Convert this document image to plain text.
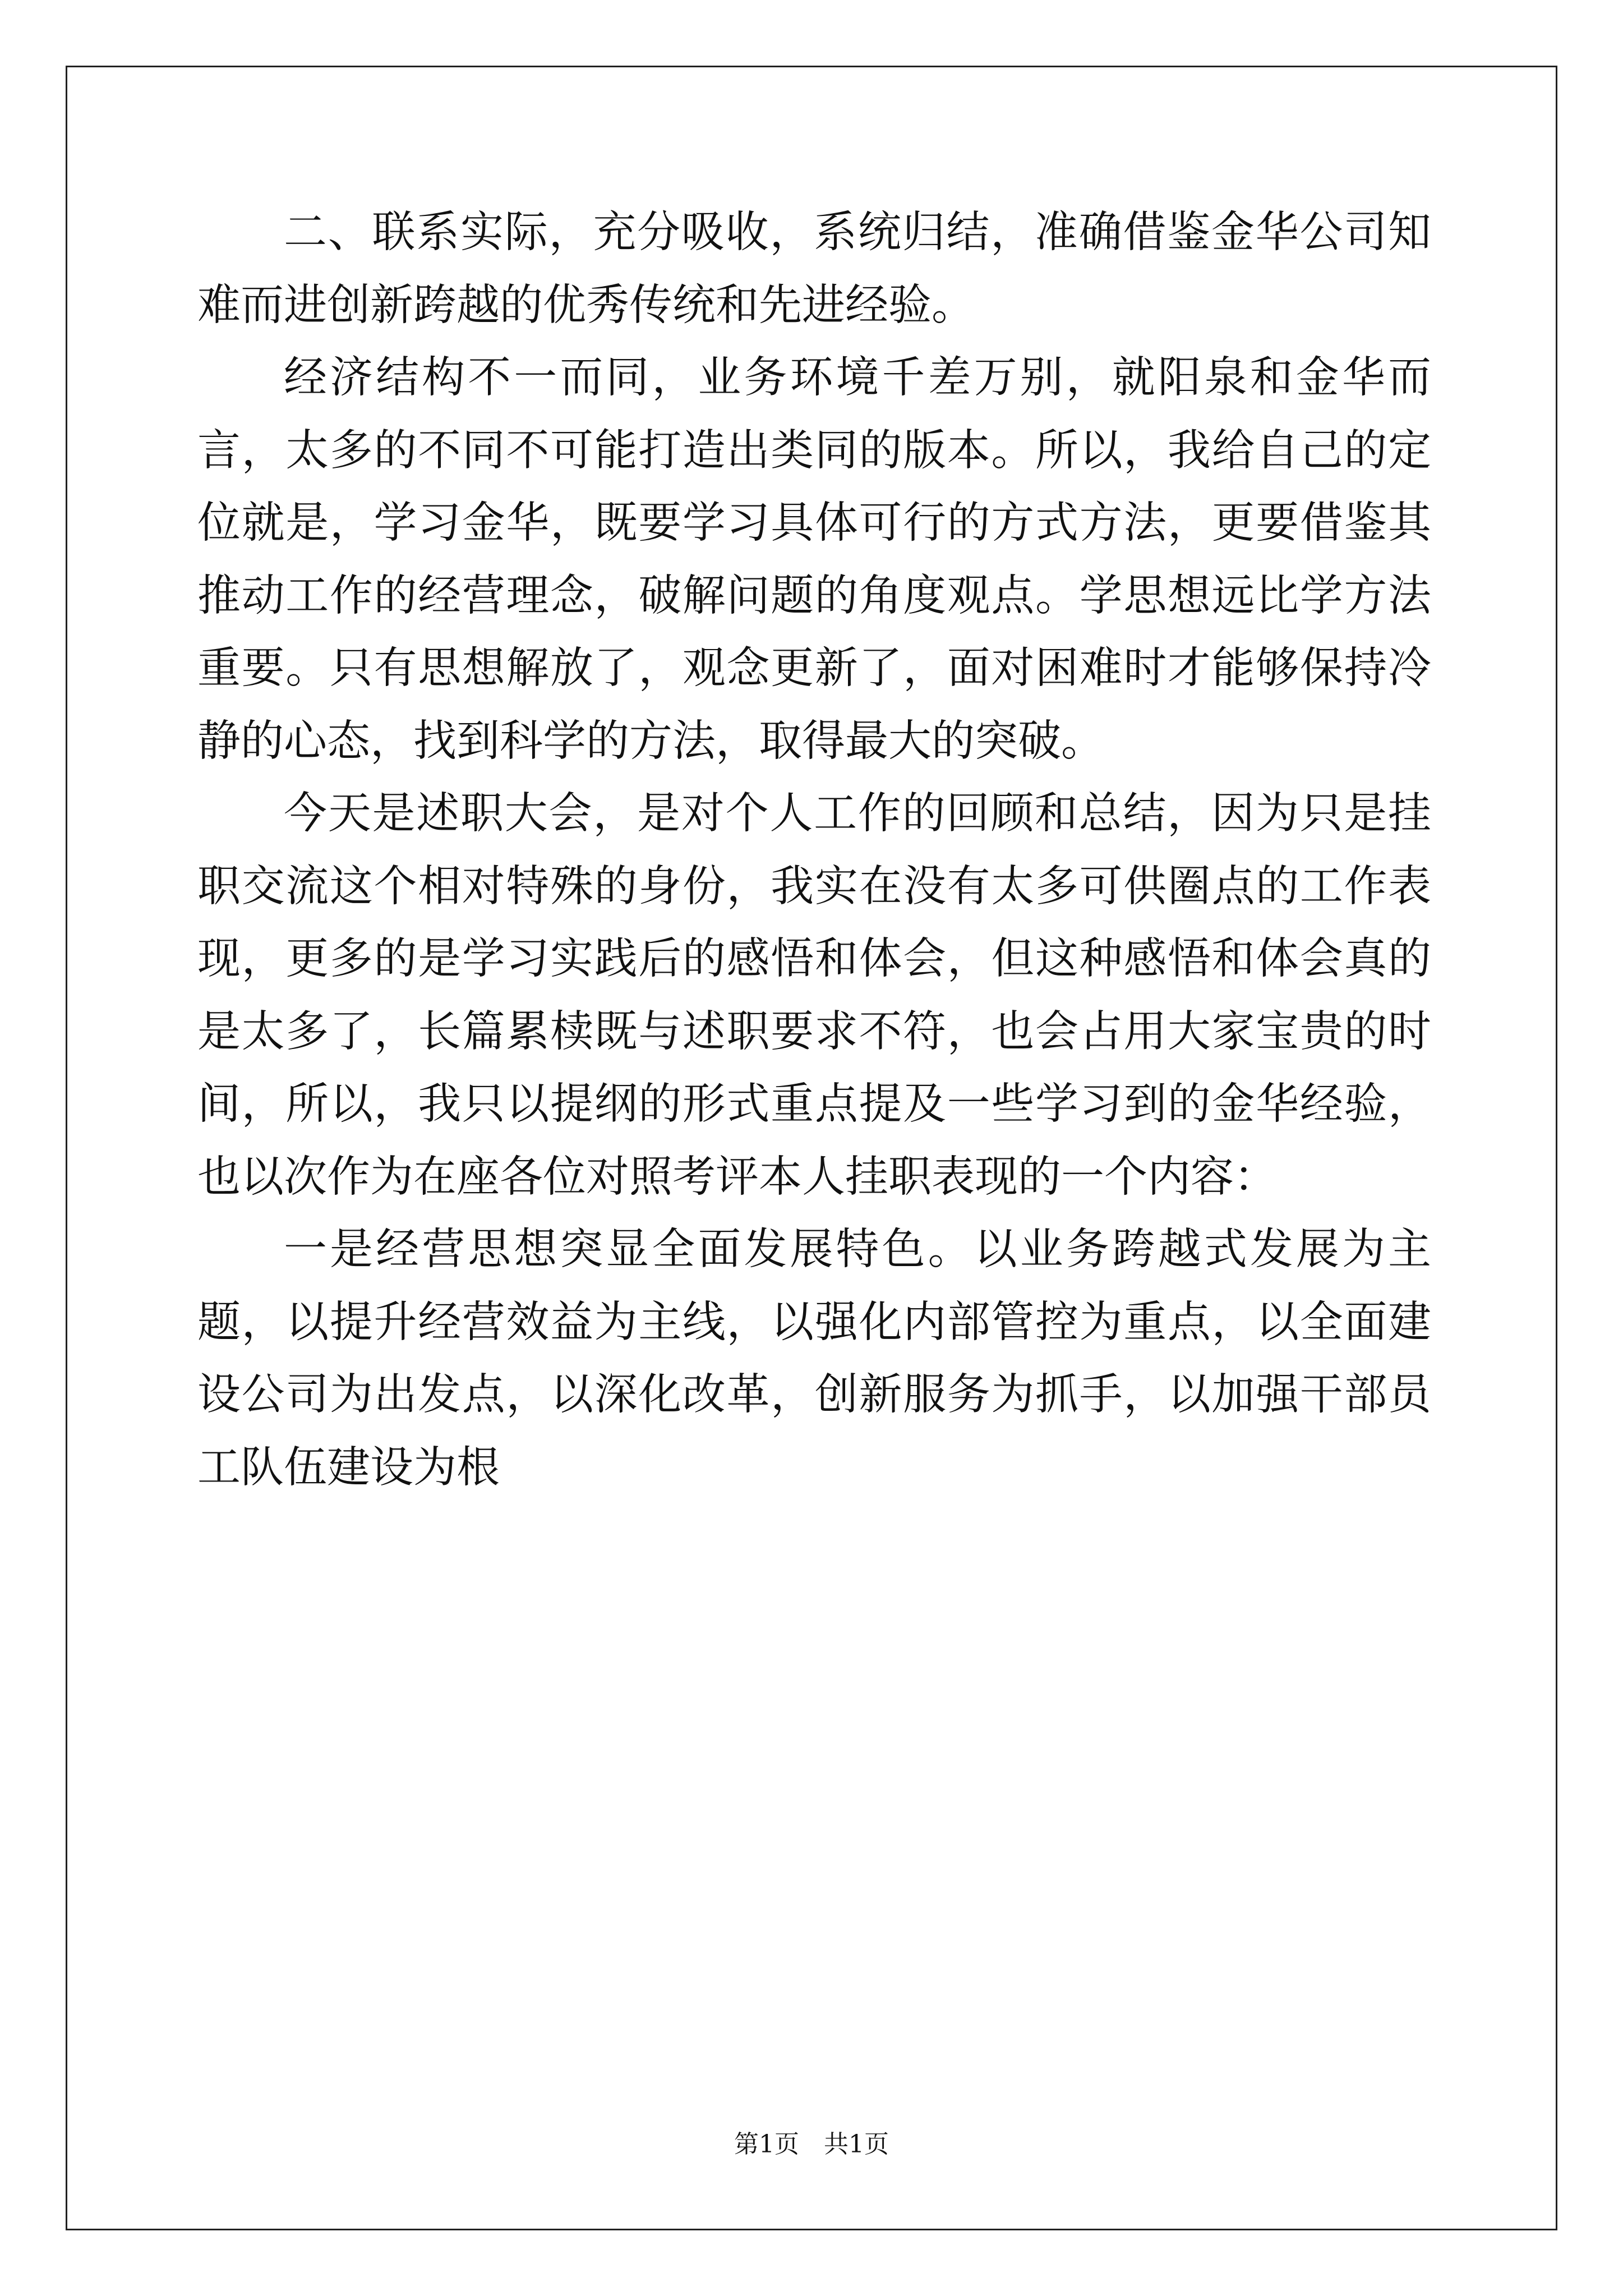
二、联系实际，充分吸收，系统归结，准确借鉴金华公司知难而进创新跨越的优秀传统和先进经验。

经济结构不一而同，业务环境千差万别，就阳泉和金华而言，太多的不同不可能打造出类同的版本。所以，我给自己的定位就是，学习金华，既要学习具体可行的方式方法，更要借鉴其推动工作的经营理念，破解问题的角度观点。学思想远比学方法重要。只有思想解放了，观念更新了，面对困难时才能够保持冷静的心态，找到科学的方法，取得最大的突破。

今天是述职大会，是对个人工作的回顾和总结，因为只是挂职交流这个相对特殊的身份，我实在没有太多可供圈点的工作表现，更多的是学习实践后的感悟和体会，但这种感悟和体会真的是太多了，长篇累椟既与述职要求不符，也会占用大家宝贵的时间，所以，我只以提纲的形式重点提及一些学习到的金华经验，也以次作为在座各位对照考评本人挂职表现的一个内容：

一是经营思想突显全面发展特色。以业务跨越式发展为主题，以提升经营效益为主线，以强化内部管控为重点，以全面建设公司为出发点，以深化改革，创新服务为抓手，以加强干部员工队伍建设为根

第1页　共1页
